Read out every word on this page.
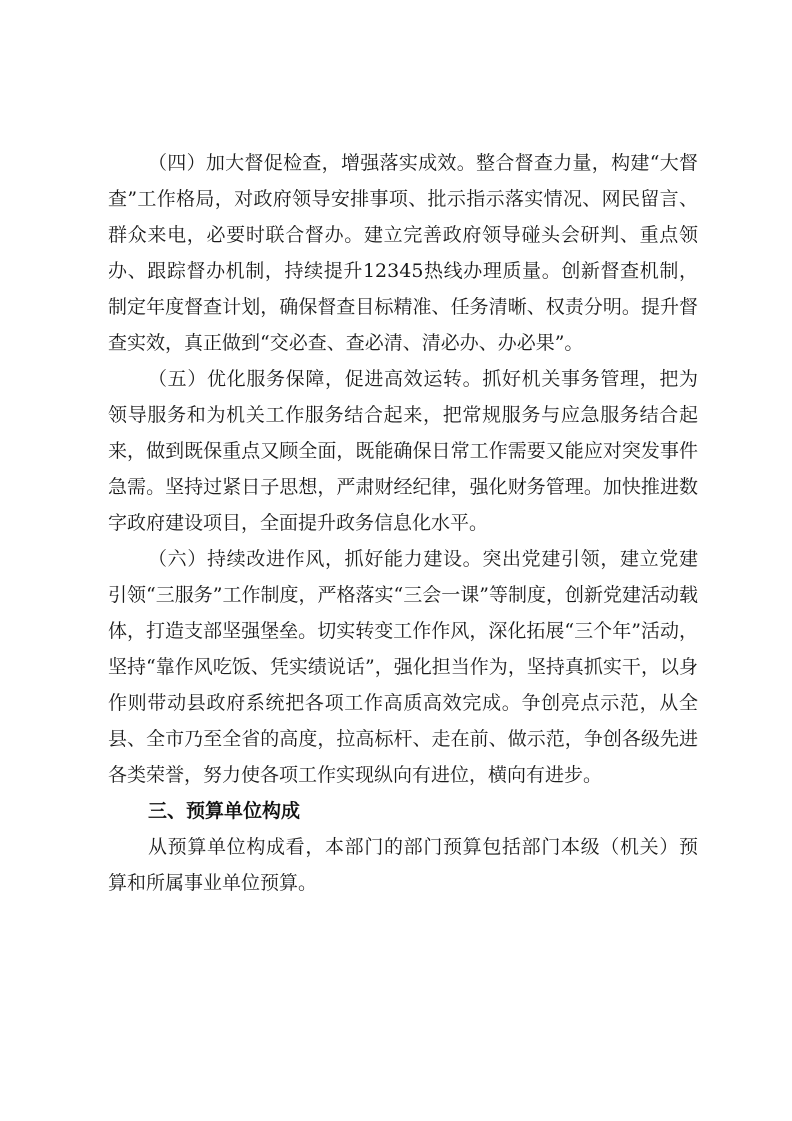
（四）加大督促检查，增强落实成效。整合督查力量，构建“大督查”工作格局，对政府领导安排事项、批示指示落实情况、网民留言、群众来电，必要时联合督办。建立完善政府领导碰头会研判、重点领办、跟踪督办机制，持续提升12345热线办理质量。创新督查机制，制定年度督查计划，确保督查目标精准、任务清晰、权责分明。提升督查实效，真正做到“交必查、查必清、清必办、办必果”。

（五）优化服务保障，促进高效运转。抓好机关事务管理，把为领导服务和为机关工作服务结合起来，把常规服务与应急服务结合起来，做到既保重点又顾全面，既能确保日常工作需要又能应对突发事件急需。坚持过紧日子思想，严肃财经纪律，强化财务管理。加快推进数字政府建设项目，全面提升政务信息化水平。

（六）持续改进作风，抓好能力建设。突出党建引领，建立党建引领“三服务”工作制度，严格落实“三会一课”等制度，创新党建活动载体，打造支部坚强堡垒。切实转变工作作风，深化拓展“三个年”活动，坚持“靠作风吃饭、凭实绩说话”，强化担当作为，坚持真抓实干，以身作则带动县政府系统把各项工作高质高效完成。争创亮点示范，从全县、全市乃至全省的高度，拉高标杆、走在前、做示范，争创各级先进各类荣誉，努力使各项工作实现纵向有进位，横向有进步。

三、预算单位构成

从预算单位构成看，本部门的部门预算包括部门本级（机关）预算和所属事业单位预算。
